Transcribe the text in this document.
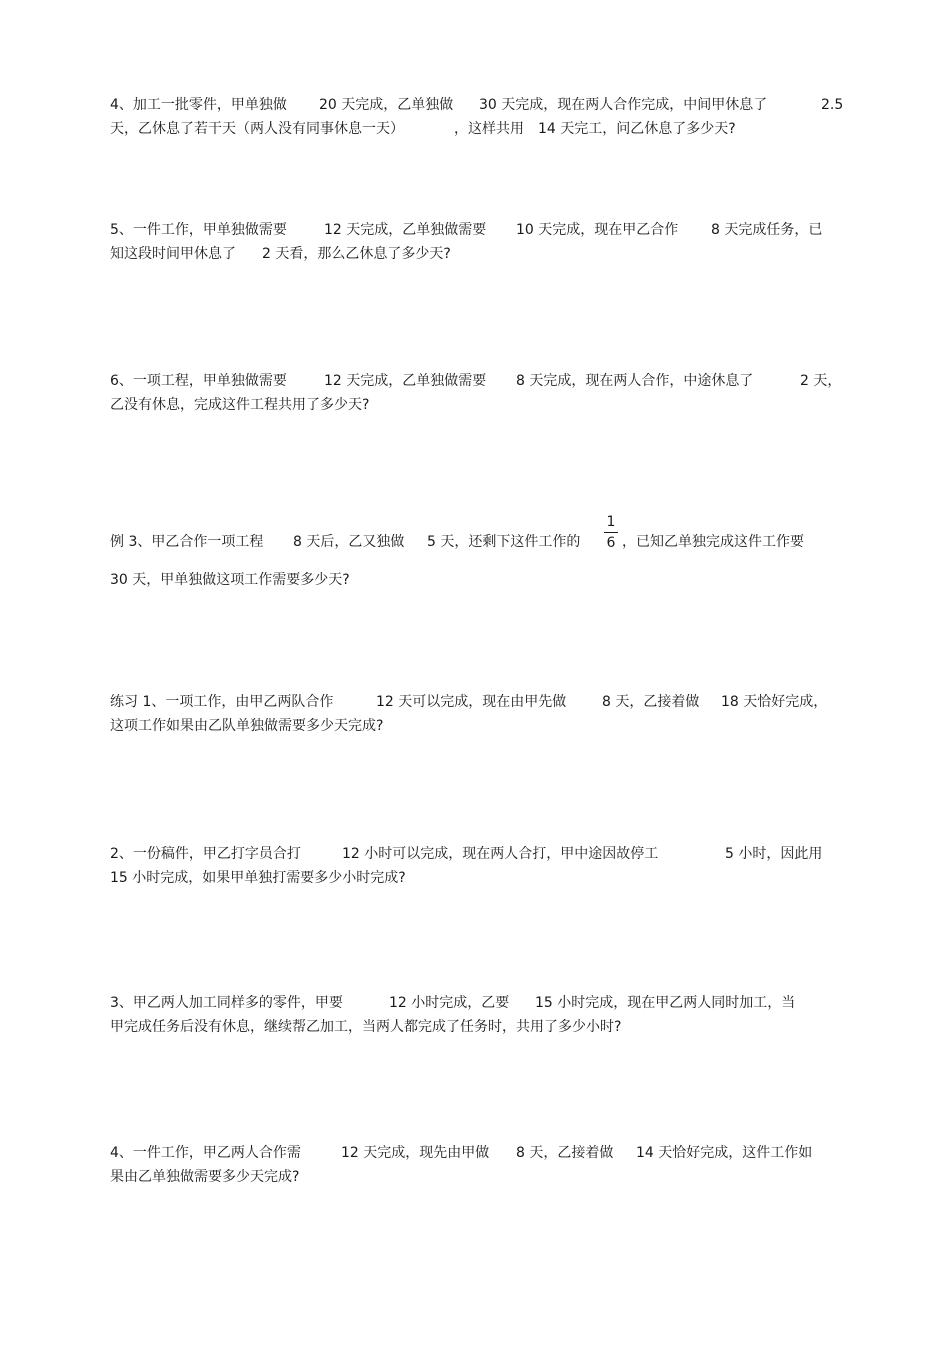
4、加工一批零件，甲单独做 20 天完成，乙单独做 30 天完成，现在两人合作完成，中间甲休息了	2.5
天，乙休息了若干天（两人没有同事休息一天）	，这样共用 14 天完工，问乙休息了多少天?
5、一件工作，甲单独做需要	12 天完成，乙单独做需要 10 天完成，现在甲乙合作 8 天完成任务，已
知这段时间甲休息了 2 天看，那么乙休息了多少天?
6、一项工程，甲单独做需要	12 天完成，乙单独做需要 8 天完成，现在两人合作，中途休息了	2 天，
乙没有休息，完成这件工程共用了多少天?
例 3、甲乙合作一项工程 8 天后，乙又独做 5 天，还剩下这件工作的
1
6 ，已知乙单独完成这件工作要
30 天，甲单独做这项工作需要多少天?
练习 1、一项工作，由甲乙两队合作	12 天可以完成，现在由甲先做	8 天，乙接着做 18 天恰好完成，
这项工作如果由乙队单独做需要多少天完成?
2、一份稿件，甲乙打字员合打	12 小时可以完成，现在两人合打，甲中途因故停工	5 小时，因此用
15 小时完成，如果甲单独打需要多少小时完成?
3、甲乙两人加工同样多的零件，甲要	12 小时完成，乙要 15 小时完成，现在甲乙两人同时加工，当
甲完成任务后没有休息，继续帮乙加工，当两人都完成了任务时，共用了多少小时?
4、一件工作，甲乙两人合作需	12 天完成，现先由甲做 8 天，乙接着做 14 天恰好完成，这件工作如
果由乙单独做需要多少天完成?
